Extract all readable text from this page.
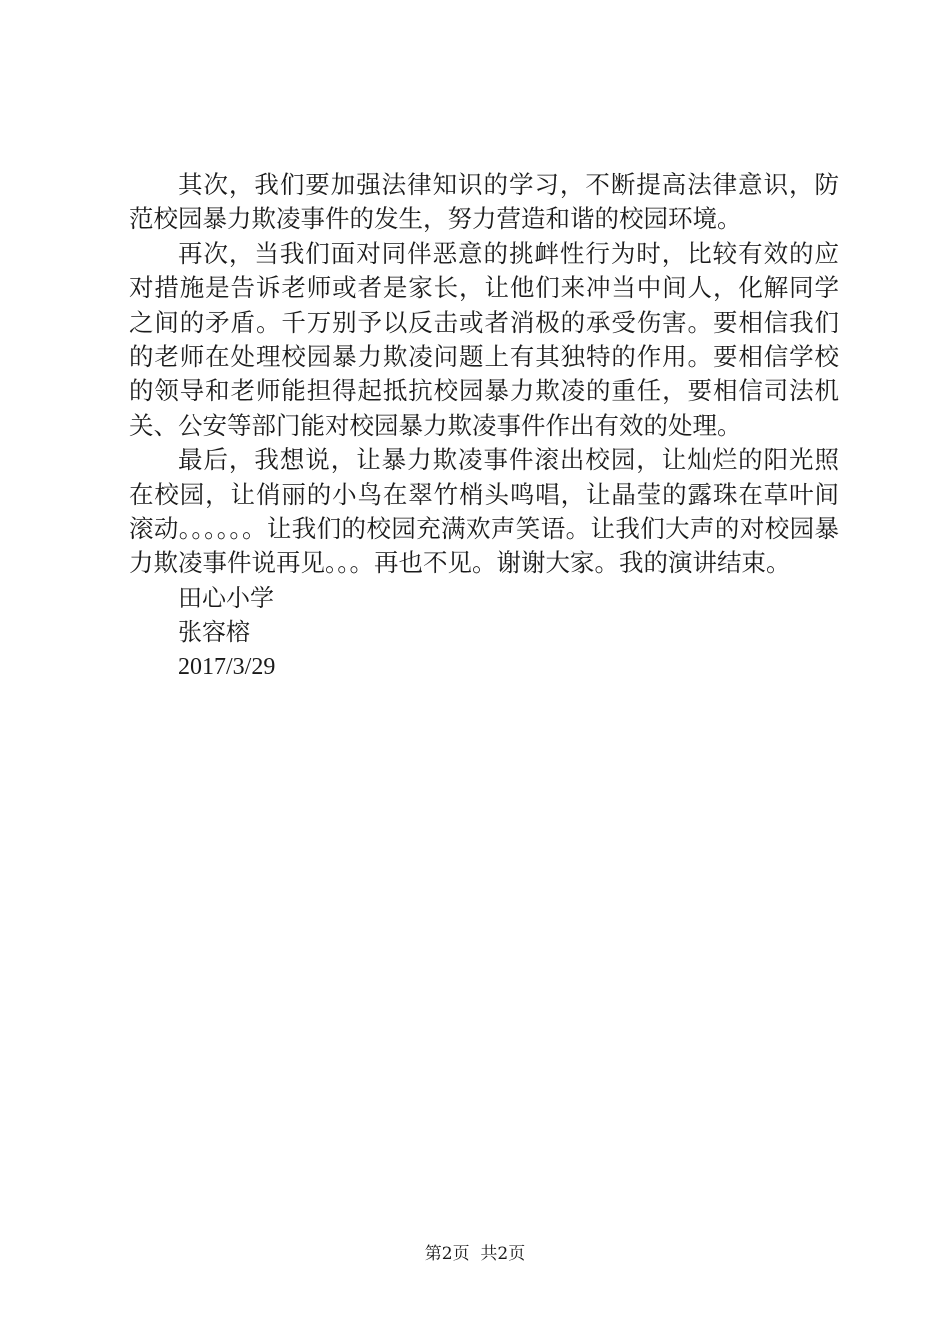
其次，我们要加强法律知识的学习，不断提高法律意识，防范校园暴力欺凌事件的发生，努力营造和谐的校园环境。

再次，当我们面对同伴恶意的挑衅性行为时，比较有效的应对措施是告诉老师或者是家长，让他们来冲当中间人，化解同学之间的矛盾。千万别予以反击或者消极的承受伤害。要相信我们的老师在处理校园暴力欺凌问题上有其独特的作用。要相信学校的领导和老师能担得起抵抗校园暴力欺凌的重任，要相信司法机关、公安等部门能对校园暴力欺凌事件作出有效的处理。

最后，我想说，让暴力欺凌事件滚出校园，让灿烂的阳光照在校园，让俏丽的小鸟在翠竹梢头鸣唱，让晶莹的露珠在草叶间滚动。。。。。。让我们的校园充满欢声笑语。让我们大声的对校园暴力欺凌事件说再见。。。再也不见。谢谢大家。我的演讲结束。

田心小学

张容榕

2017/3/29

第2页  共2页
